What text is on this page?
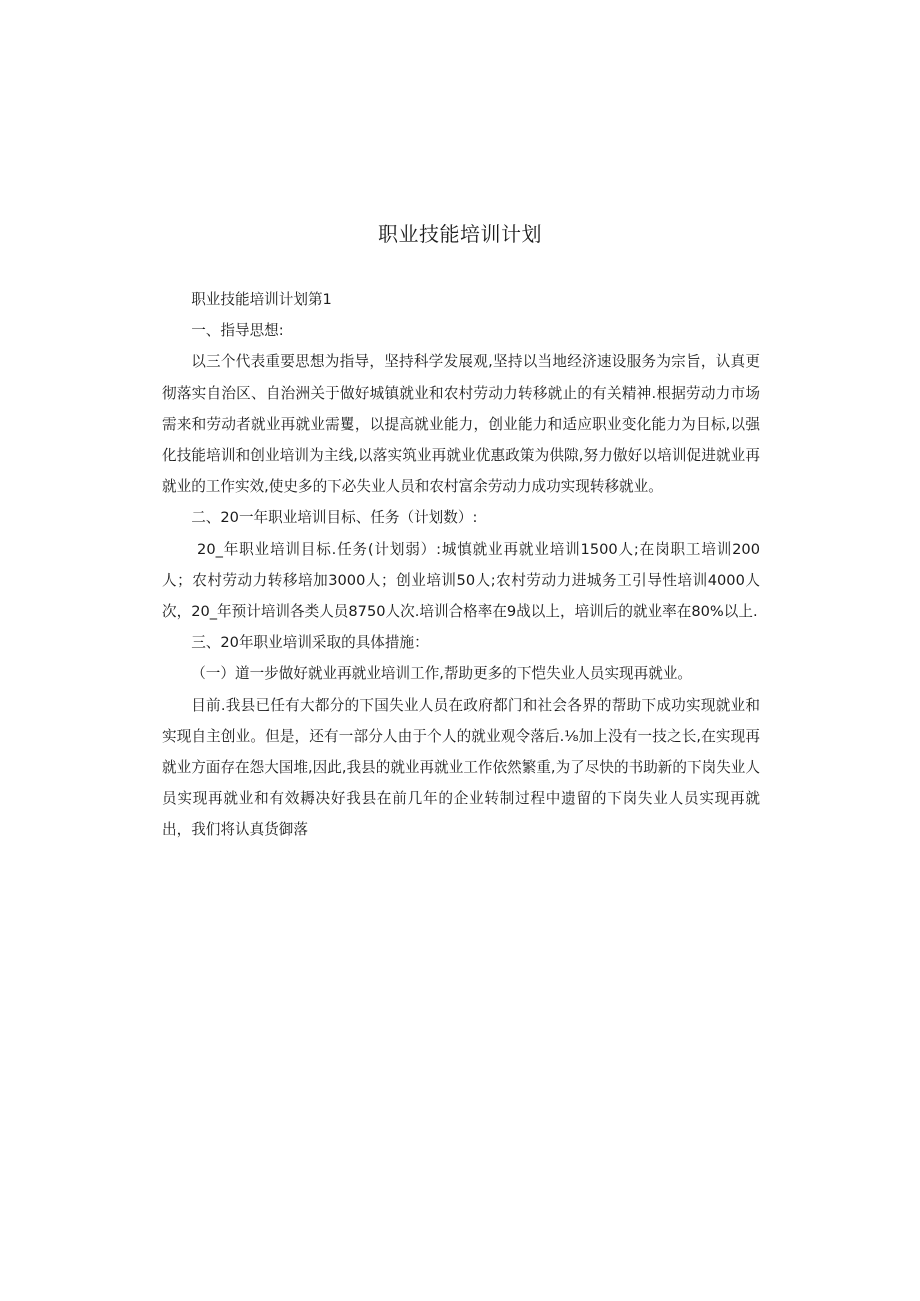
职业技能培训计划

职业技能培训计划第1

一、指导思想:

以三个代表重要思想为指导，坚持科学发展观,坚持以当地经济速设服务为宗旨，认真更彻落实自治区、自治洲关于做好城镇就业和农村劳动力转移就止的有关精神.根据劳动力市场需来和劳动者就业再就业需矍，以提高就业能力，创业能力和适应职业变化能力为目标,以强化技能培训和创业培训为主线,以落实筑业再就业优惠政策为供隙,努力傲好以培训促进就业再就业的工作实效,使史多的下必失业人员和农村富余劳动力成功实现转移就业。

二、20一年职业培训目标、任务（计划数）:

20_年职业培训目标.任务(计划弱）:城慎就业再就业培训1500人;在岗职工培训200人；农村劳动力转移培加3000人；创业培训50人;农村劳动力进城务工引导性培训4000人次，20_年预计培训各类人员8750人次.培训合格率在9战以上，培训后的就业率在80%以上.

三、20年职业培训采取的具体措施：

（一）道一步做好就业再就业培训工作,帮助更多的下恺失业人员实现再就业。

目前.我县已任有大都分的下国失业人员在政府都门和社会各界的帮助下成功实现就业和实现自主创业。但是，还有一部分人由于个人的就业观令落后.⅛加上没有一技之长,在实现再就业方面存在怨大国堆,因此,我县的就业再就业工作依然繁重,为了尽快的书助新的下岗失业人员实现再就业和有效耨决好我县在前几年的企业转制过程中遗留的下岗失业人员实现再就出，我们将认真货御落
